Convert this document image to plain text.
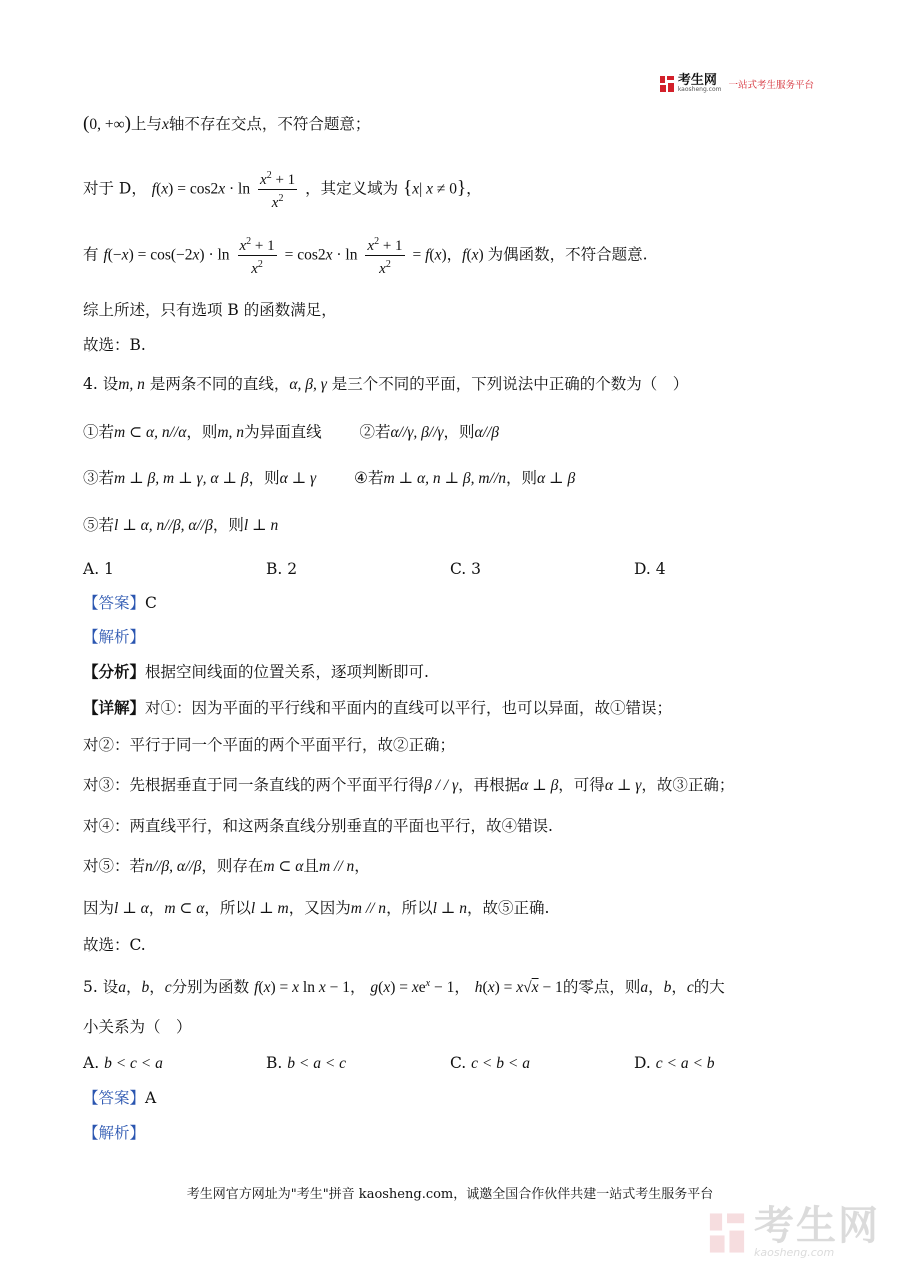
考生网
kaosheng.com 一站式考生服务平台
(0, +∞)上与x轴不存在交点，不符合题意；
对于 D， $f(x) = \cos 2x \cdot \ln \frac{x^2 + 1}{x^2}$ ，其定义域为 {x| x ≠ 0}，
有 $f(-x) = \cos(-2x) \cdot \ln \frac{x^2 + 1}{x^2} = \cos 2x \cdot \ln \frac{x^2 + 1}{x^2} = f(x)$，f(x) 为偶函数，不符合题意.
综上所述，只有选项 B 的函数满足，
故选：B.
4. 设m, n 是两条不同的直线，α, β, γ 是三个不同的平面，下列说法中正确的个数为（　）
①若m ⊂ α, n//α，则m, n为异面直线 ②若α//γ, β//γ，则α//β
③若m ⊥ β, m ⊥ γ, α ⊥ β，则α ⊥ γ ④若m ⊥ α, n ⊥ β, m//n，则α ⊥ β
⑤若l ⊥ α, n//β, α//β，则l ⊥ n
A. 1	B. 2	C. 3	D. 4
【答案】C
【解析】
【分析】根据空间线面的位置关系，逐项判断即可.
【详解】对①：因为平面的平行线和平面内的直线可以平行，也可以异面，故①错误；
对②：平行于同一个平面的两个平面平行，故②正确；
对③：先根据垂直于同一条直线的两个平面平行得β / / γ，再根据α ⊥ β，可得α ⊥ γ，故③正确；
对④：两直线平行，和这两条直线分别垂直的平面也平行，故④错误.
对⑤：若n//β, α//β，则存在m ⊂ α且m // n，
因为l ⊥ α，m ⊂ α，所以l ⊥ m，又因为m // n，所以l ⊥ n，故⑤正确.
故选：C.
5. 设a，b，c分别为函数 f(x) = x ln x − 1， $g(x) = xe^x - 1$， h(x) = x√x − 1的零点，则a，b，c的大
小关系为（　）
A. b < c < a	B. b < a < c	C. c < b < a	D. c < a < b
【答案】A
【解析】
考生网官方网址为"考生"拼音 kaosheng.com，诚邀全国合作伙伴共建一站式考生服务平台
考生网
kaosheng.com
